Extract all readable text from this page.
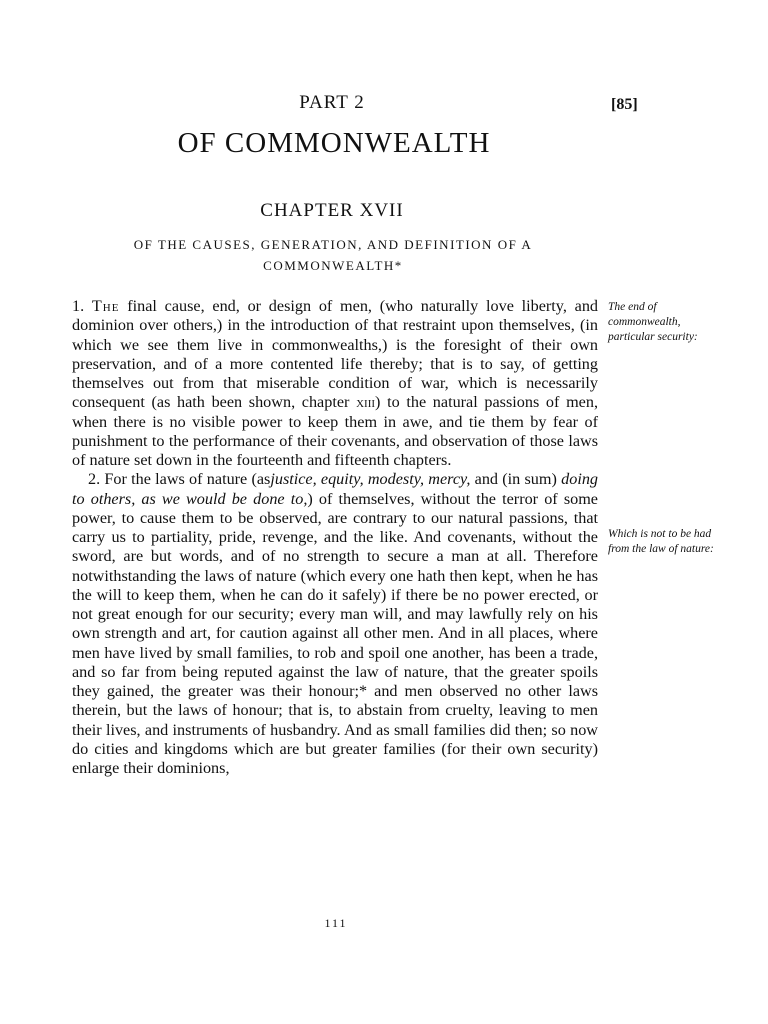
PART 2	[85]
OF COMMONWEALTH
CHAPTER XVII
OF THE CAUSES, GENERATION, AND DEFINITION OF A COMMONWEALTH*

1. The final cause, end, or design of men, (who naturally love liberty, and dominion over others,) in the introduction of that restraint upon themselves, (in which we see them live in commonwealths,) is the foresight of their own preservation, and of a more contented life thereby; that is to say, of getting themselves out from that miserable condition of war, which is necessarily consequent (as hath been shown, chapter xiii) to the natural passions of men, when there is no visible power to keep them in awe, and tie them by fear of punishment to the performance of their covenants, and observation of those laws of nature set down in the fourteenth and fifteenth chapters.

2. For the laws of nature (asjustice, equity, modesty, mercy, and (in sum) doing to others, as we would be done to,) of themselves, without the terror of some power, to cause them to be observed, are contrary to our natural passions, that carry us to partiality, pride, revenge, and the like. And covenants, without the sword, are but words, and of no strength to secure a man at all. Therefore notwithstanding the laws of nature (which every one hath then kept, when he has the will to keep them, when he can do it safely) if there be no power erected, or not great enough for our security; every man will, and may lawfully rely on his own strength and art, for caution against all other men. And in all places, where men have lived by small families, to rob and spoil one another, has been a trade, and so far from being reputed against the law of nature, that the greater spoils they gained, the greater was their honour;* and men observed no other laws therein, but the laws of honour; that is, to abstain from cruelty, leaving to men their lives, and instruments of husbandry. And as small families did then; so now do cities and kingdoms which are but greater families (for their own security) enlarge their dominions,

The end of commonwealth, particular security:
Which is not to be had from the law of nature:
111
